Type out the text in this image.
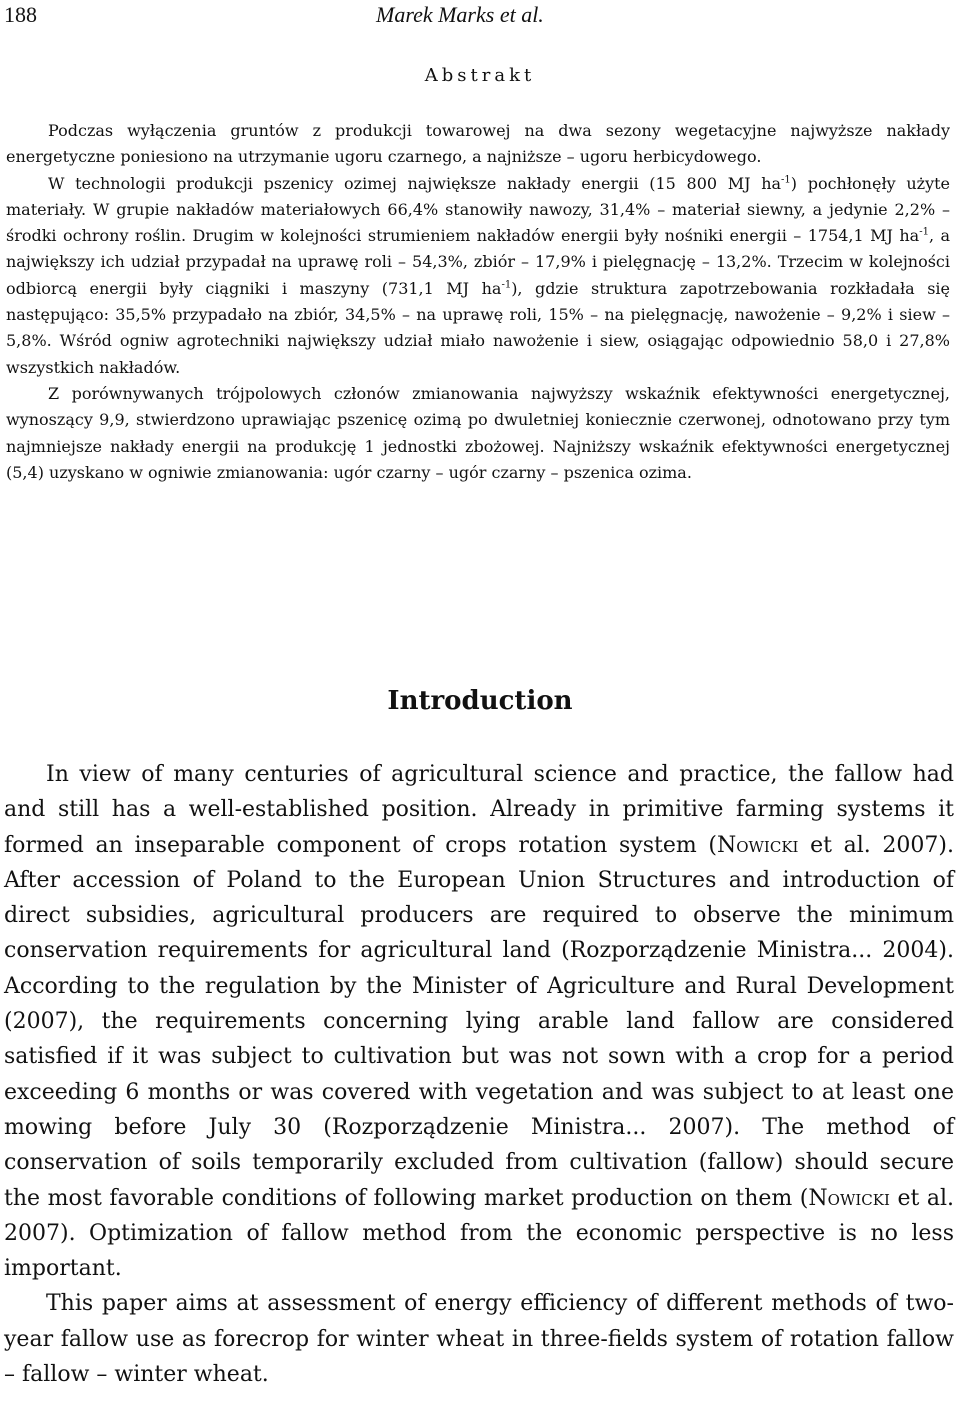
188	Marek Marks et al.
Abstrakt

Podczas wyłączenia gruntów z produkcji towarowej na dwa sezony wegetacyjne najwyższe nakłady energetyczne poniesiono na utrzymanie ugoru czarnego, a najniższe – ugoru herbicydowego.

W technologii produkcji pszenicy ozimej największe nakłady energii (15 800 MJ $ha^{-1}$) pochłonęły użyte materiały. W grupie nakładów materiałowych 66,4% stanowiły nawozy, 31,4% – materiał siewny, a jedynie 2,2% – środki ochrony roślin. Drugim w kolejności strumieniem nakładów energii były nośniki energii – 1754,1 MJ $ha^{-1}$, a największy ich udział przypadał na uprawę roli – 54,3%, zbiór – 17,9% i pielęgnację – 13,2%. Trzecim w kolejności odbiorcą energii były ciągniki i maszyny (731,1 MJ $ha^{-1}$), gdzie struktura zapotrzebowania rozkładała się następująco: 35,5% przypadało na zbiór, 34,5% – na uprawę roli, 15% – na pielęgnację, nawożenie – 9,2% i siew – 5,8%. Wśród ogniw agrotechniki największy udział miało nawożenie i siew, osiągając odpowiednio 58,0 i 27,8% wszystkich nakładów.

Z porównywanych trójpolowych członów zmianowania najwyższy wskaźnik efektywności energetycznej, wynoszący 9,9, stwierdzono uprawiając pszenicę ozimą po dwuletniej koniecznie czerwonej, odnotowano przy tym najmniejsze nakłady energii na produkcję 1 jednostki zbożowej. Najniższy wskaźnik efektywności energetycznej (5,4) uzyskano w ogniwie zmianowania: ugór czarny – ugór czarny – pszenica ozima.

Introduction

In view of many centuries of agricultural science and practice, the fallow had and still has a well-established position. Already in primitive farming systems it formed an inseparable component of crops rotation system (Nowicki et al. 2007). After accession of Poland to the European Union Structures and introduction of direct subsidies, agricultural producers are required to observe the minimum conservation requirements for agricultural land (Rozporządzenie Ministra... 2004). According to the regulation by the Minister of Agriculture and Rural Development (2007), the requirements concerning lying arable land fallow are considered satisfied if it was subject to cultivation but was not sown with a crop for a period exceeding 6 months or was covered with vegetation and was subject to at least one mowing before July 30 (Rozporządzenie Ministra... 2007). The method of conservation of soils temporarily excluded from cultivation (fallow) should secure the most favorable conditions of following market production on them (Nowicki et al. 2007). Optimization of fallow method from the economic perspective is no less important.

This paper aims at assessment of energy efficiency of different methods of two-year fallow use as forecrop for winter wheat in three-fields system of rotation fallow – fallow – winter wheat.
